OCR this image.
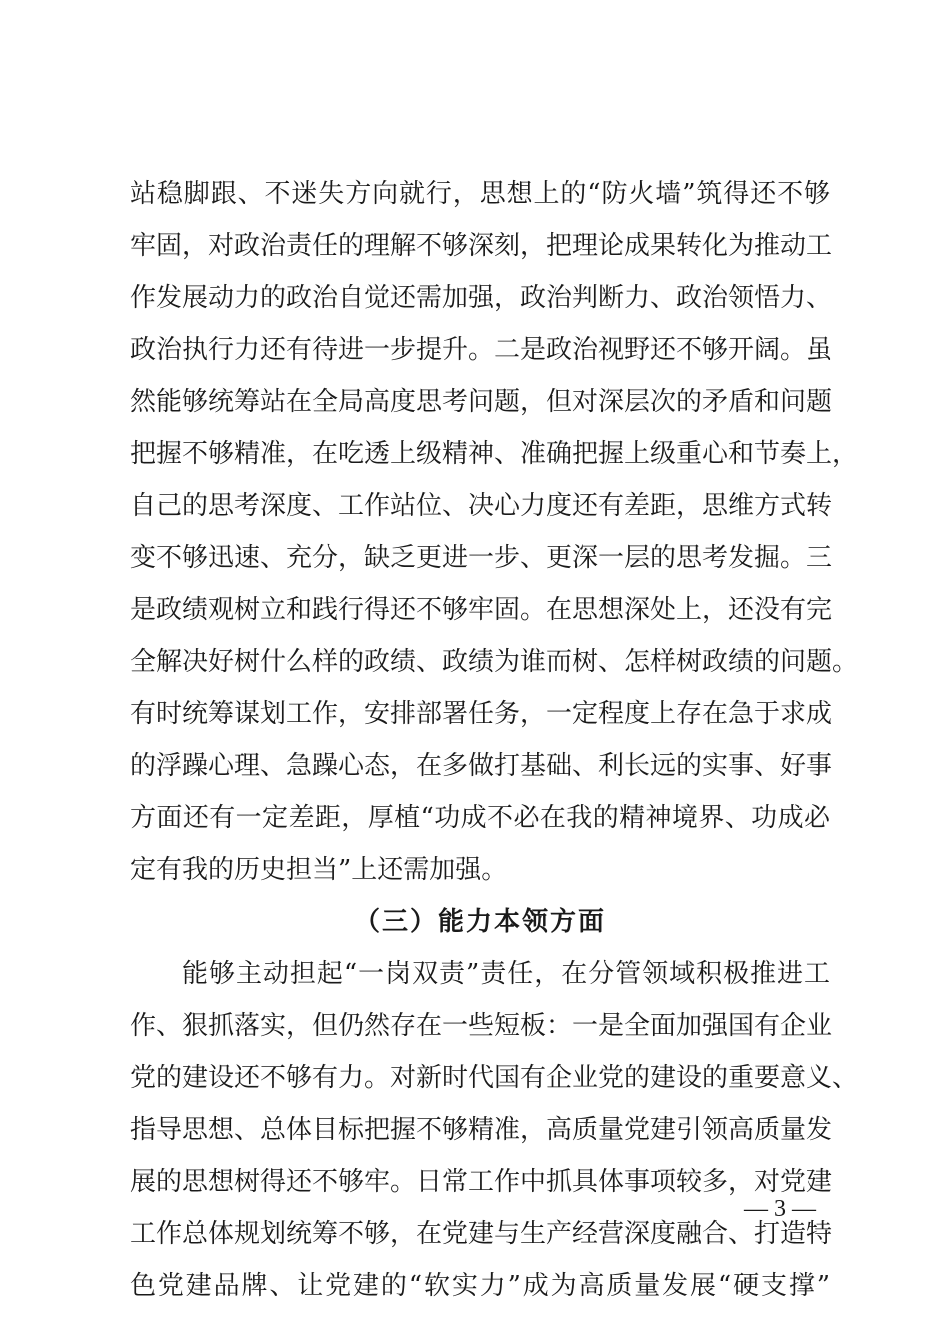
站稳脚跟、不迷失方向就行，思想上的“防火墙”筑得还不够
牢固，对政治责任的理解不够深刻，把理论成果转化为推动工
作发展动力的政治自觉还需加强，政治判断力、政治领悟力、
政治执行力还有待进一步提升。二是政治视野还不够开阔。虽
然能够统筹站在全局高度思考问题，但对深层次的矛盾和问题
把握不够精准，在吃透上级精神、准确把握上级重心和节奏上，
自己的思考深度、工作站位、决心力度还有差距，思维方式转
变不够迅速、充分，缺乏更进一步、更深一层的思考发掘。三
是政绩观树立和践行得还不够牢固。在思想深处上，还没有完
全解决好树什么样的政绩、政绩为谁而树、怎样树政绩的问题。
有时统筹谋划工作，安排部署任务，一定程度上存在急于求成
的浮躁心理、急躁心态，在多做打基础、利长远的实事、好事
方面还有一定差距，厚植“功成不必在我的精神境界、功成必
定有我的历史担当”上还需加强。
（三）能力本领方面
能够主动担起“一岗双责”责任，在分管领域积极推进工
作、狠抓落实，但仍然存在一些短板：一是全面加强国有企业
党的建设还不够有力。对新时代国有企业党的建设的重要意义、
指导思想、总体目标把握不够精准，高质量党建引领高质量发
展的思想树得还不够牢。日常工作中抓具体事项较多，对党建
工作总体规划统筹不够，在党建与生产经营深度融合、打造特
色党建品牌、让党建的“软实力”成为高质量发展“硬支撑”
— 3 —
